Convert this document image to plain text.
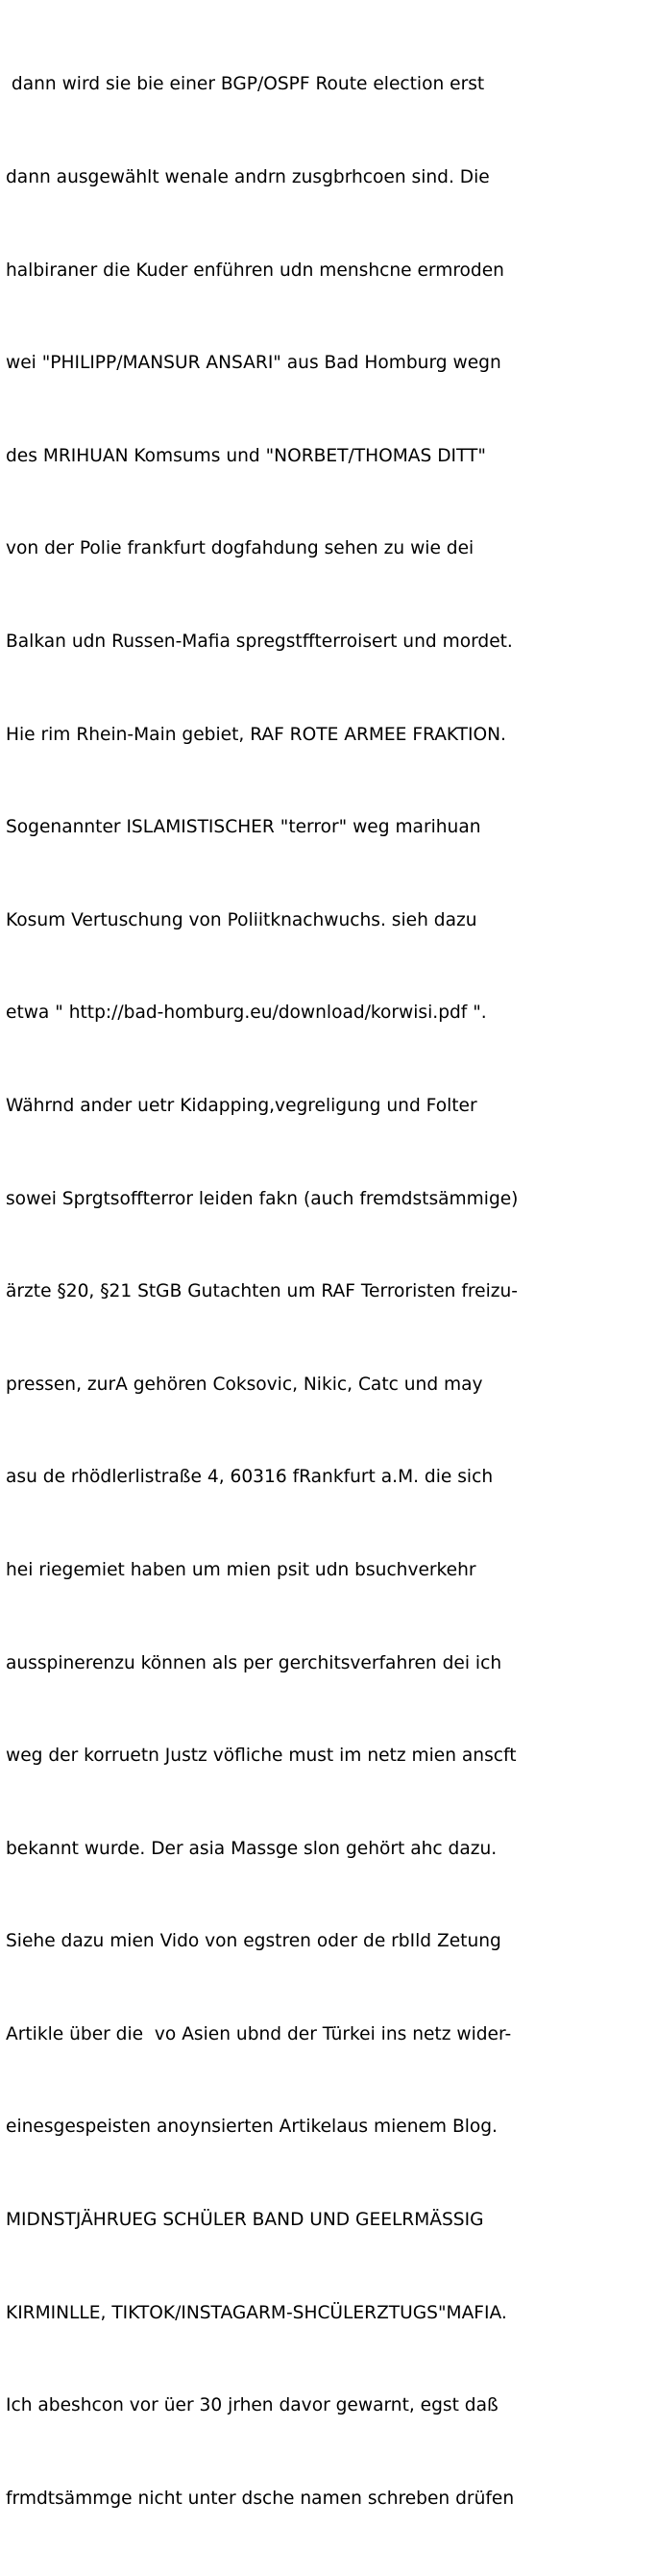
dann wird sie bie einer BGP/OSPF Route election erst

dann ausgewählt wenale andrn zusgbrhcoen sind. Die

halbiraner die Kuder enführen udn menshcne ermroden

wei "PHILIPP/MANSUR ANSARI" aus Bad Homburg wegn

des MRIHUAN Komsums und "NORBET/THOMAS DITT"

von der Polie frankfurt dogfahdung sehen zu wie dei

Balkan udn Russen-Mafia spregstffterroisert und mordet.

Hie rim Rhein-Main gebiet, RAF ROTE ARMEE FRAKTION.

Sogenannter ISLAMISTISCHER "terror" weg marihuan

Kosum Vertuschung von Poliitknachwuchs. sieh dazu

etwa " http://bad-homburg.eu/download/korwisi.pdf ".

Währnd ander uetr Kidapping,vegreligung und Folter

sowei Sprgtsoffterror leiden fakn (auch fremdstsämmige)

ärzte §20, §21 StGB Gutachten um RAF Terroristen freizu-

pressen, zurA gehören Coksovic, Nikic, Catc und may

asu de rhödlerlistraße 4, 60316 fRankfurt a.M. die sich

hei riegemiet haben um mien psit udn bsuchverkehr

ausspinerenzu können als per gerchitsverfahren dei ich

weg der korruetn Justz vöfliche must im netz mien anscft

bekannt wurde. Der asia Massge slon gehört ahc dazu.

Siehe dazu mien Vido von egstren oder de rbIld Zetung

Artikle über die  vo Asien ubnd der Türkei ins netz wider-

einesgespeisten anoynsierten Artikelaus mienem Blog.

MIDNSTJÄHRUEG SCHÜLER BAND UND GEELRMÄSSIG

KIRMINLLE, TIKTOK/INSTAGARM-SHCÜLERZTUGS"MAFIA.

Ich abeshcon vor üer 30 jrhen davor gewarnt, egst daß

frmdtsämmge nicht unter dsche namen schreben drüfen
